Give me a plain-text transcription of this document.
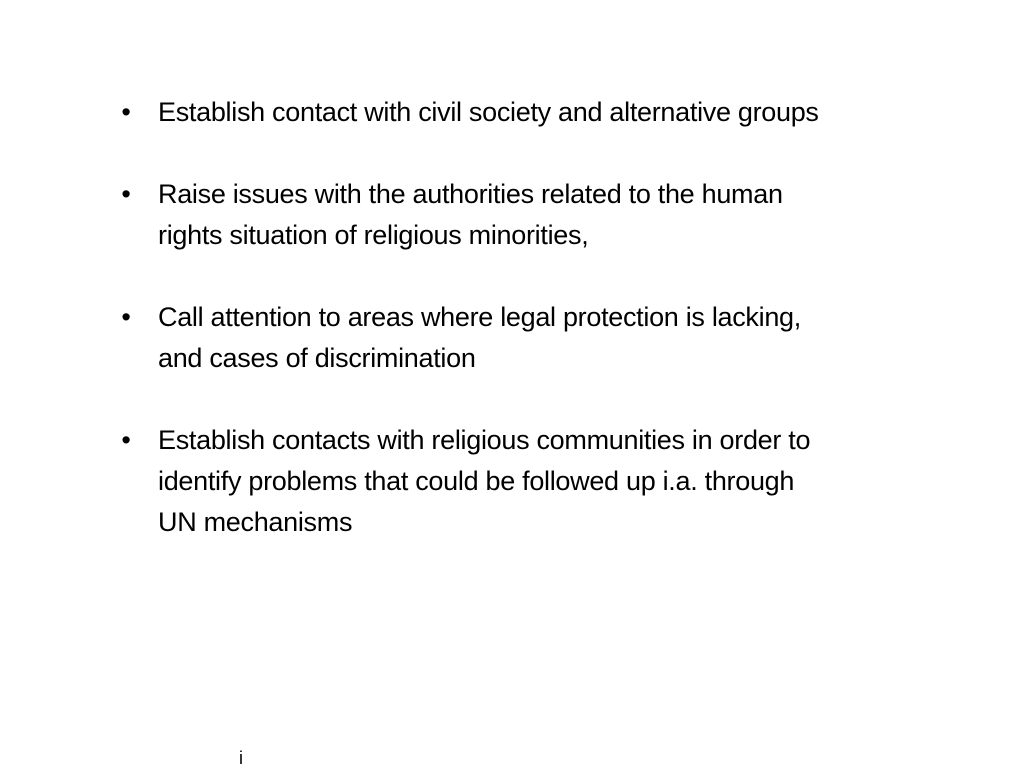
• Establish contact with civil society and alternative groups
• Raise issues with the authorities related to the human rights situation of religious minorities,
• Call attention to areas where legal protection is lacking, and cases of discrimination
• Establish contacts with religious communities in order to identify problems that could be followed up i.a. through UN mechanisms
i
